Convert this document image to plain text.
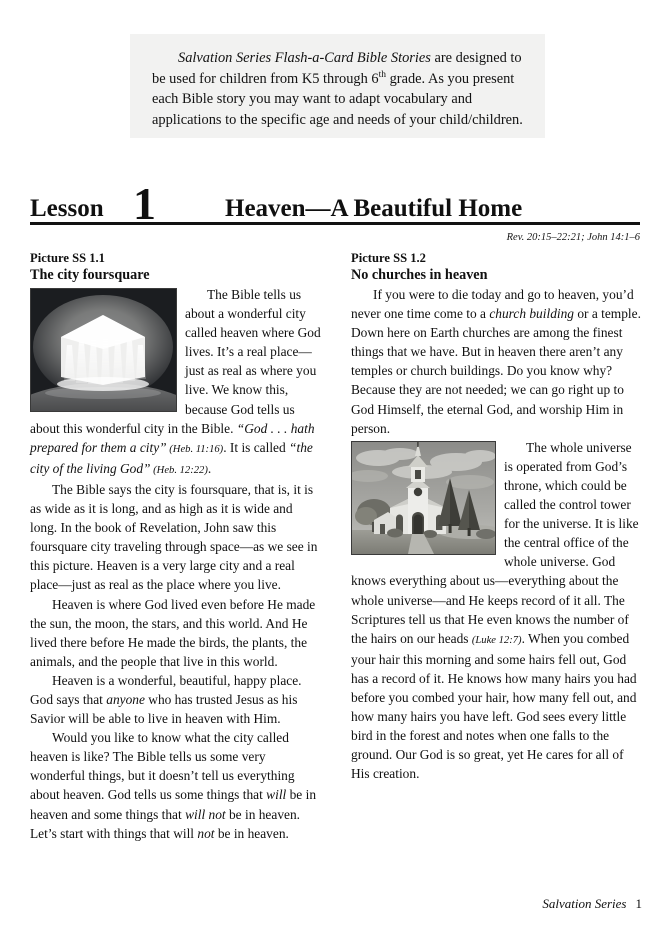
Salvation Series Flash-a-Card Bible Stories are designed to be used for children from K5 through 6th grade. As you present each Bible story you may want to adapt vocabulary and applications to the specific age and needs of your child/children.
Lesson 1	Heaven—A Beautiful Home
Rev. 20:15–22:21; John 14:1–6
Picture SS 1.1
The city foursquare

The Bible tells us about a wonderful city called heaven where God lives. It’s a real place—just as real as where you live. We know this, because God tells us about this wonderful city in the Bible. “God . . . hath prepared for them a city” (Heb. 11:16). It is called “the city of the living God” (Heb. 12:22).

The Bible says the city is foursquare, that is, it is as wide as it is long, and as high as it is wide and long. In the book of Revelation, John saw this foursquare city traveling through space—as we see in this picture. Heaven is a very large city and a real place—just as real as the place where you live.

Heaven is where God lived even before He made the sun, the moon, the stars, and this world. And He lived there before He made the birds, the plants, the animals, and the people that live in this world.

Heaven is a wonderful, beautiful, happy place. God says that anyone who has trusted Jesus as his Savior will be able to live in heaven with Him.

Would you like to know what the city called heaven is like? The Bible tells us some very wonderful things, but it doesn’t tell us everything about heaven. God tells us some things that will be in heaven and some things that will not be in heaven. Let’s start with things that will not be in heaven.

Picture SS 1.2
No churches in heaven

If you were to die today and go to heaven, you’d never one time come to a church building or a temple. Down here on Earth churches are among the finest things that we have. But in heaven there aren’t any temples or church buildings. Do you know why? Because they are not needed; we can go right up to God Himself, the eternal God, and worship Him in person.

The whole universe is operated from God’s throne, which could be called the control tower for the universe. It is like the central office of the whole universe. God knows everything about us—everything about the whole universe—and He keeps record of it all. The Scriptures tell us that He even knows the number of the hairs on our heads (Luke 12:7). When you combed your hair this morning and some hairs fell out, God has a record of it. He knows how many hairs you had before you combed your hair, how many fell out, and how many hairs you have left. God sees every little bird in the forest and notes when one falls to the ground. Our God is so great, yet He cares for all of His creation.

Salvation Series 1
